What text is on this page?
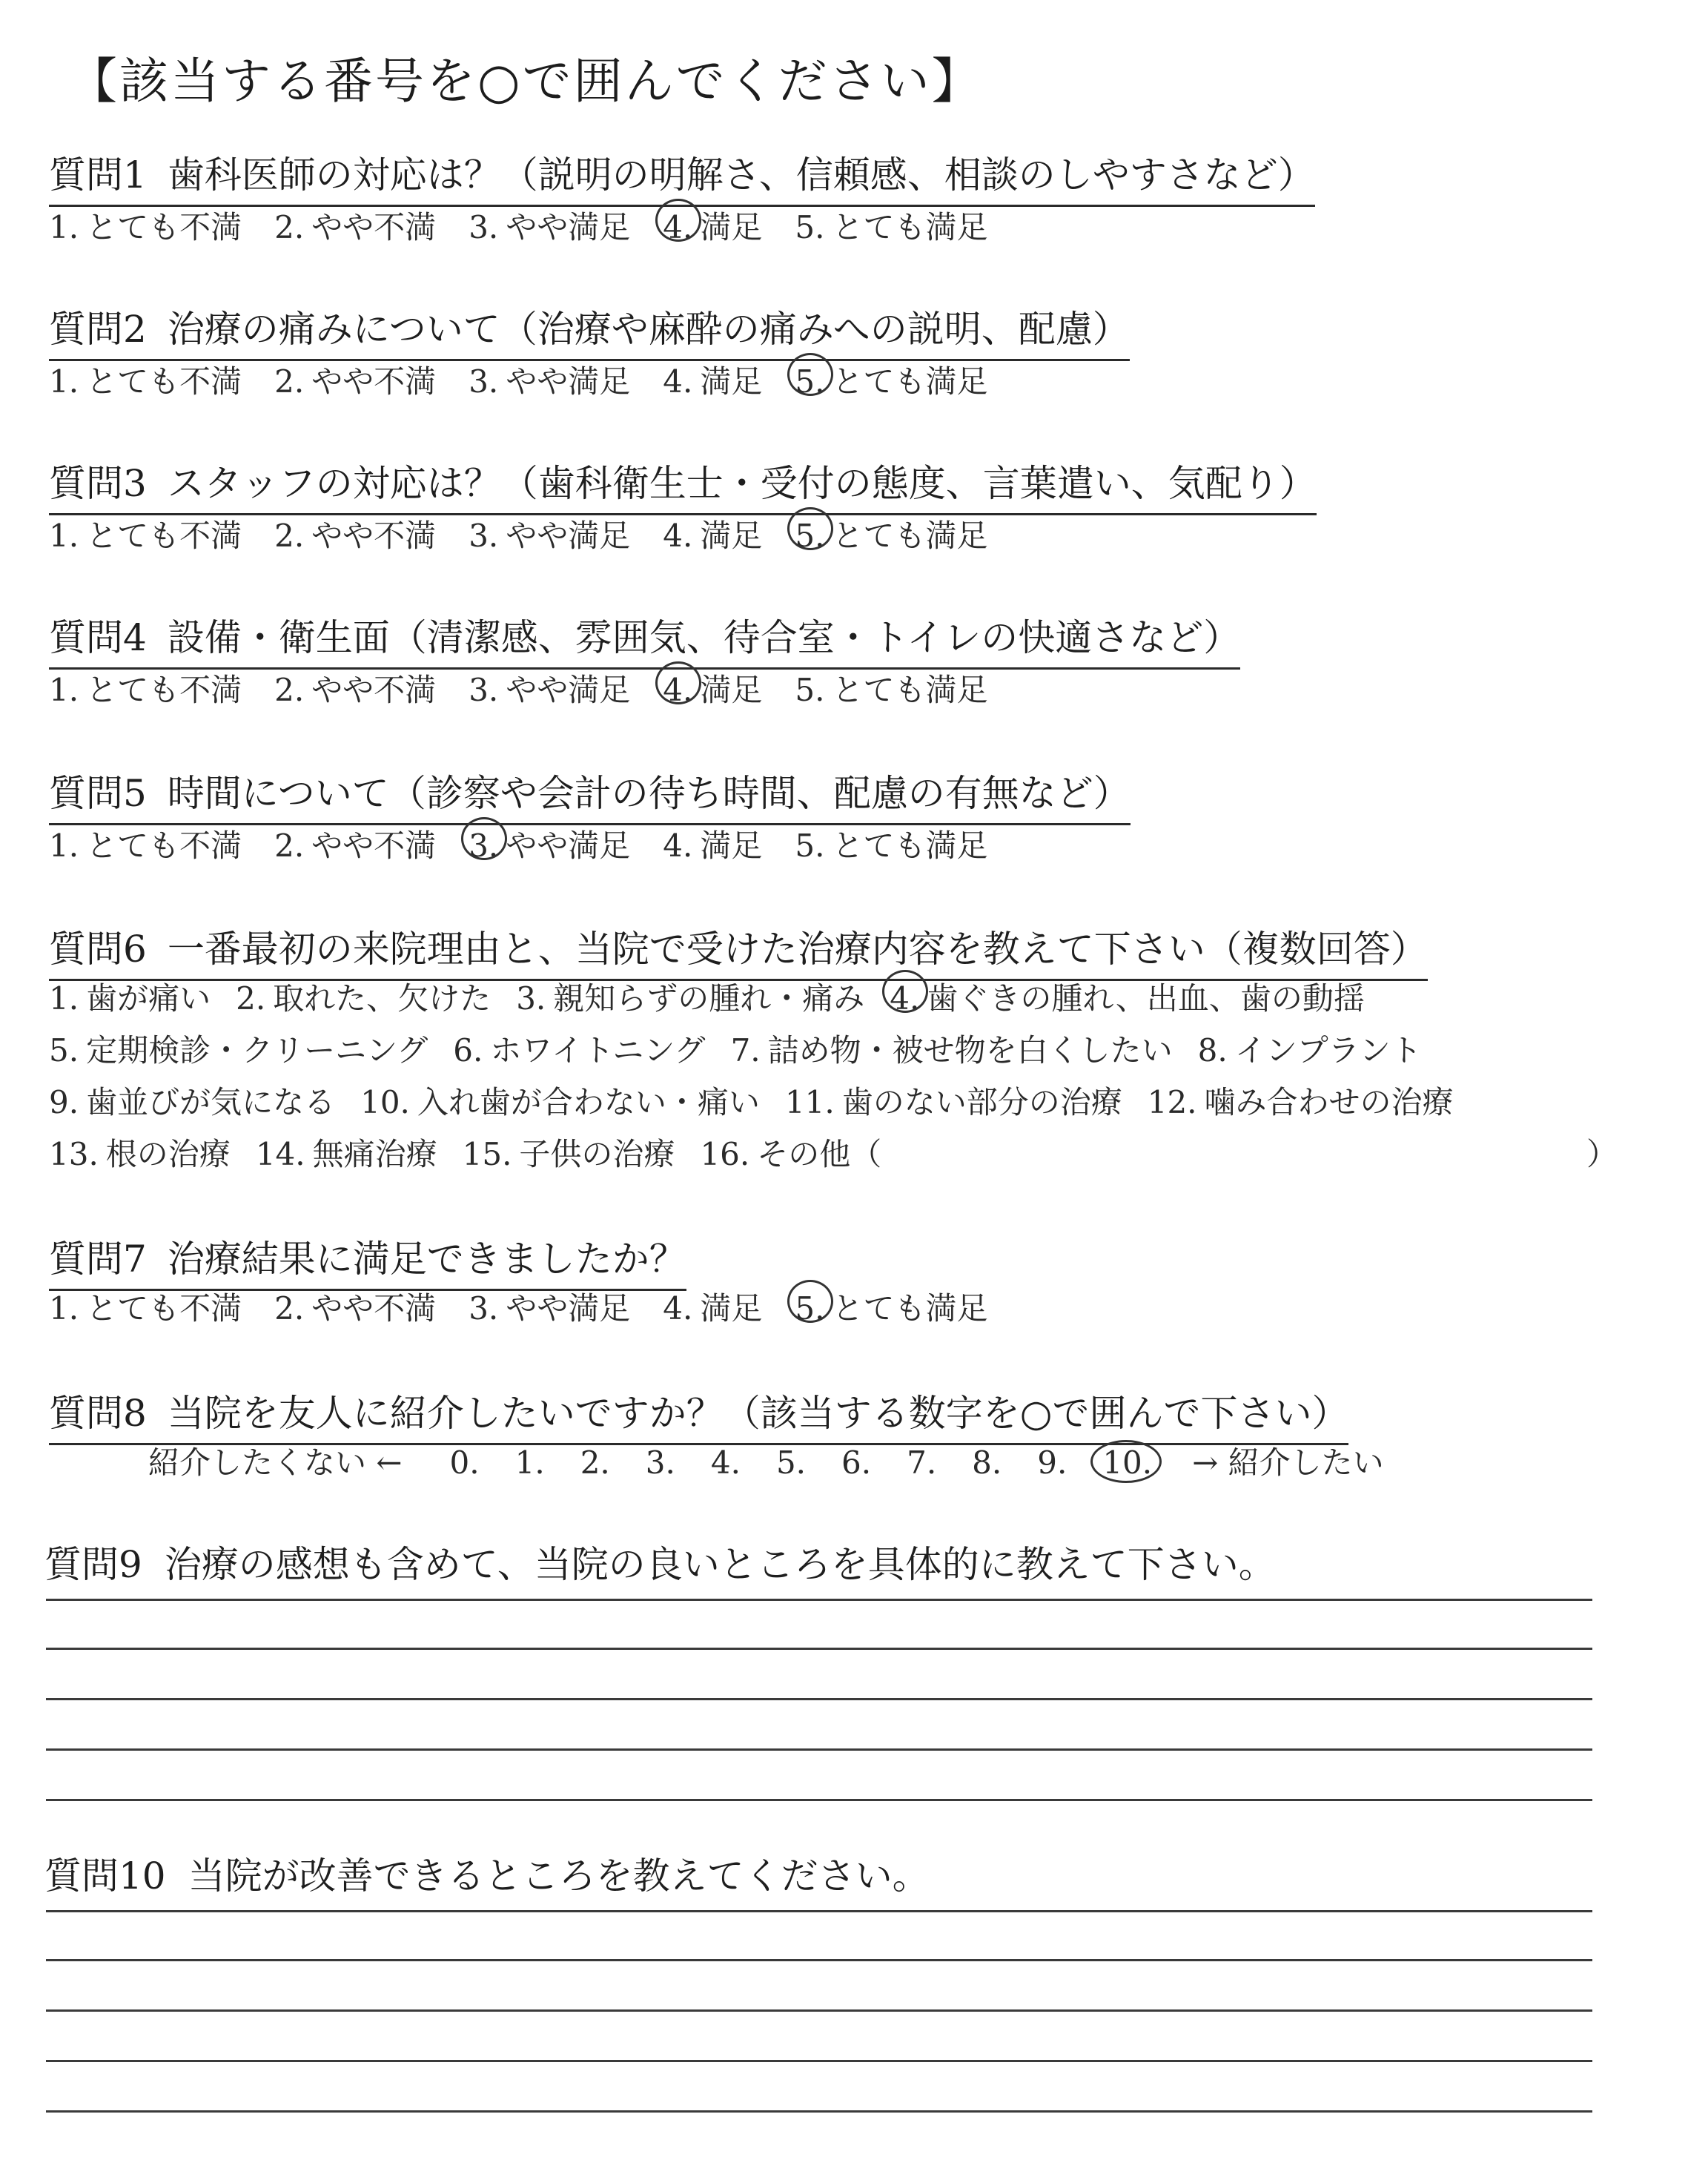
【該当する番号を○で囲んでください】
質問1 歯科医師の対応は？（説明の明解さ、信頼感、相談のしやすさなど）
1. とても不満 2. やや不満 3. やや満足 4. 満足 5. とても満足
質問2 治療の痛みについて（治療や麻酔の痛みへの説明、配慮）
1. とても不満 2. やや不満 3. やや満足 4. 満足 5. とても満足
質問3 スタッフの対応は？（歯科衛生士・受付の態度、言葉遣い、気配り）
1. とても不満 2. やや不満 3. やや満足 4. 満足 5. とても満足
質問4 設備・衛生面（清潔感、雰囲気、待合室・トイレの快適さなど）
1. とても不満 2. やや不満 3. やや満足 4. 満足 5. とても満足
質問5 時間について（診察や会計の待ち時間、配慮の有無など）
1. とても不満 2. やや不満 3. やや満足 4. 満足 5. とても満足
質問6 一番最初の来院理由と、当院で受けた治療内容を教えて下さい（複数回答）
1. 歯が痛い 2. 取れた、欠けた 3. 親知らずの腫れ・痛み 4. 歯ぐきの腫れ、出血、歯の動揺
5. 定期検診・クリーニング 6. ホワイトニング 7. 詰め物・被せ物を白くしたい 8. インプラント
9. 歯並びが気になる 10. 入れ歯が合わない・痛い 11. 歯のない部分の治療 12. 噛み合わせの治療
13. 根の治療 14. 無痛治療 15. 子供の治療 16. その他（	）
質問7 治療結果に満足できましたか？
1. とても不満 2. やや不満 3. やや満足 4. 満足 5. とても満足
質問8 当院を友人に紹介したいですか？（該当する数字を○で囲んで下さい）
紹介したくない ← 0. 1. 2. 3. 4. 5. 6. 7. 8. 9. 10. → 紹介したい
質問9 治療の感想も含めて、当院の良いところを具体的に教えて下さい。
質問10 当院が改善できるところを教えてください。
